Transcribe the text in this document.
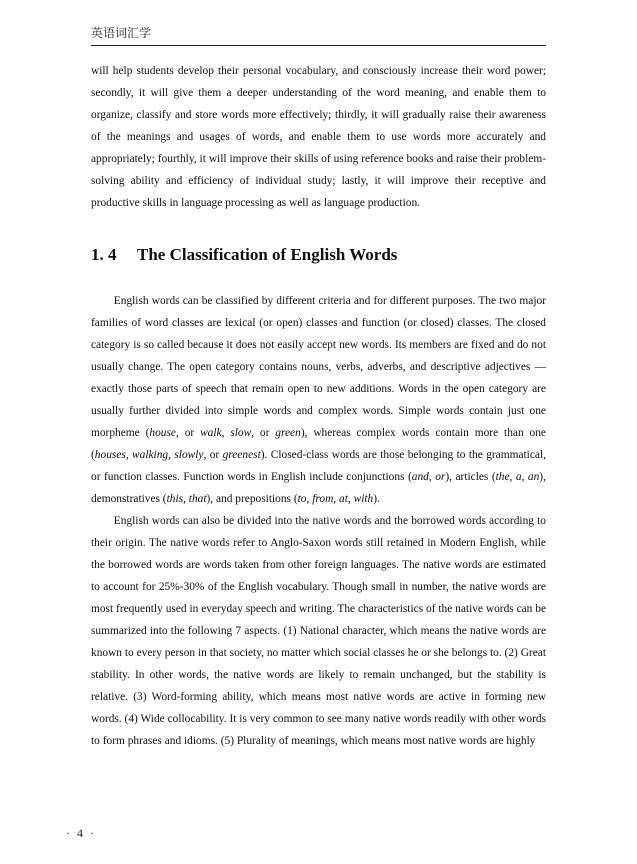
英语词汇学

will help students develop their personal vocabulary, and consciously increase their word power; secondly, it will give them a deeper understanding of the word meaning, and enable them to organize, classify and store words more effectively; thirdly, it will gradually raise their awareness of the meanings and usages of words, and enable them to use words more accurately and appropriately; fourthly, it will improve their skills of using reference books and raise their problem-solving ability and efficiency of individual study; lastly, it will improve their receptive and productive skills in language processing as well as language production.

1. 4 The Classification of English Words

English words can be classified by different criteria and for different purposes. The two major families of word classes are lexical (or open) classes and function (or closed) classes. The closed category is so called because it does not easily accept new words. Its members are fixed and do not usually change. The open category contains nouns, verbs, adverbs, and descriptive adjectives — exactly those parts of speech that remain open to new additions. Words in the open category are usually further divided into simple words and complex words. Simple words contain just one morpheme (house, or walk, slow, or green), whereas complex words contain more than one (houses, walking, slowly, or greenest). Closed-class words are those belonging to the grammatical, or function classes. Function words in English include conjunctions (and, or), articles (the, a, an), demonstratives (this, that), and prepositions (to, from, at, with).

English words can also be divided into the native words and the borrowed words according to their origin. The native words refer to Anglo-Saxon words still retained in Modern English, while the borrowed words are words taken from other foreign languages. The native words are estimated to account for 25%-30% of the English vocabulary. Though small in number, the native words are most frequently used in everyday speech and writing. The characteristics of the native words can be summarized into the following 7 aspects. (1) National character, which means the native words are known to every person in that society, no matter which social classes he or she belongs to. (2) Great stability. In other words, the native words are likely to remain unchanged, but the stability is relative. (3) Word-forming ability, which means most native words are active in forming new words. (4) Wide collocability. It is very common to see many native words readily with other words to form phrases and idioms. (5) Plurality of meanings, which means most native words are highly

· 4 ·
